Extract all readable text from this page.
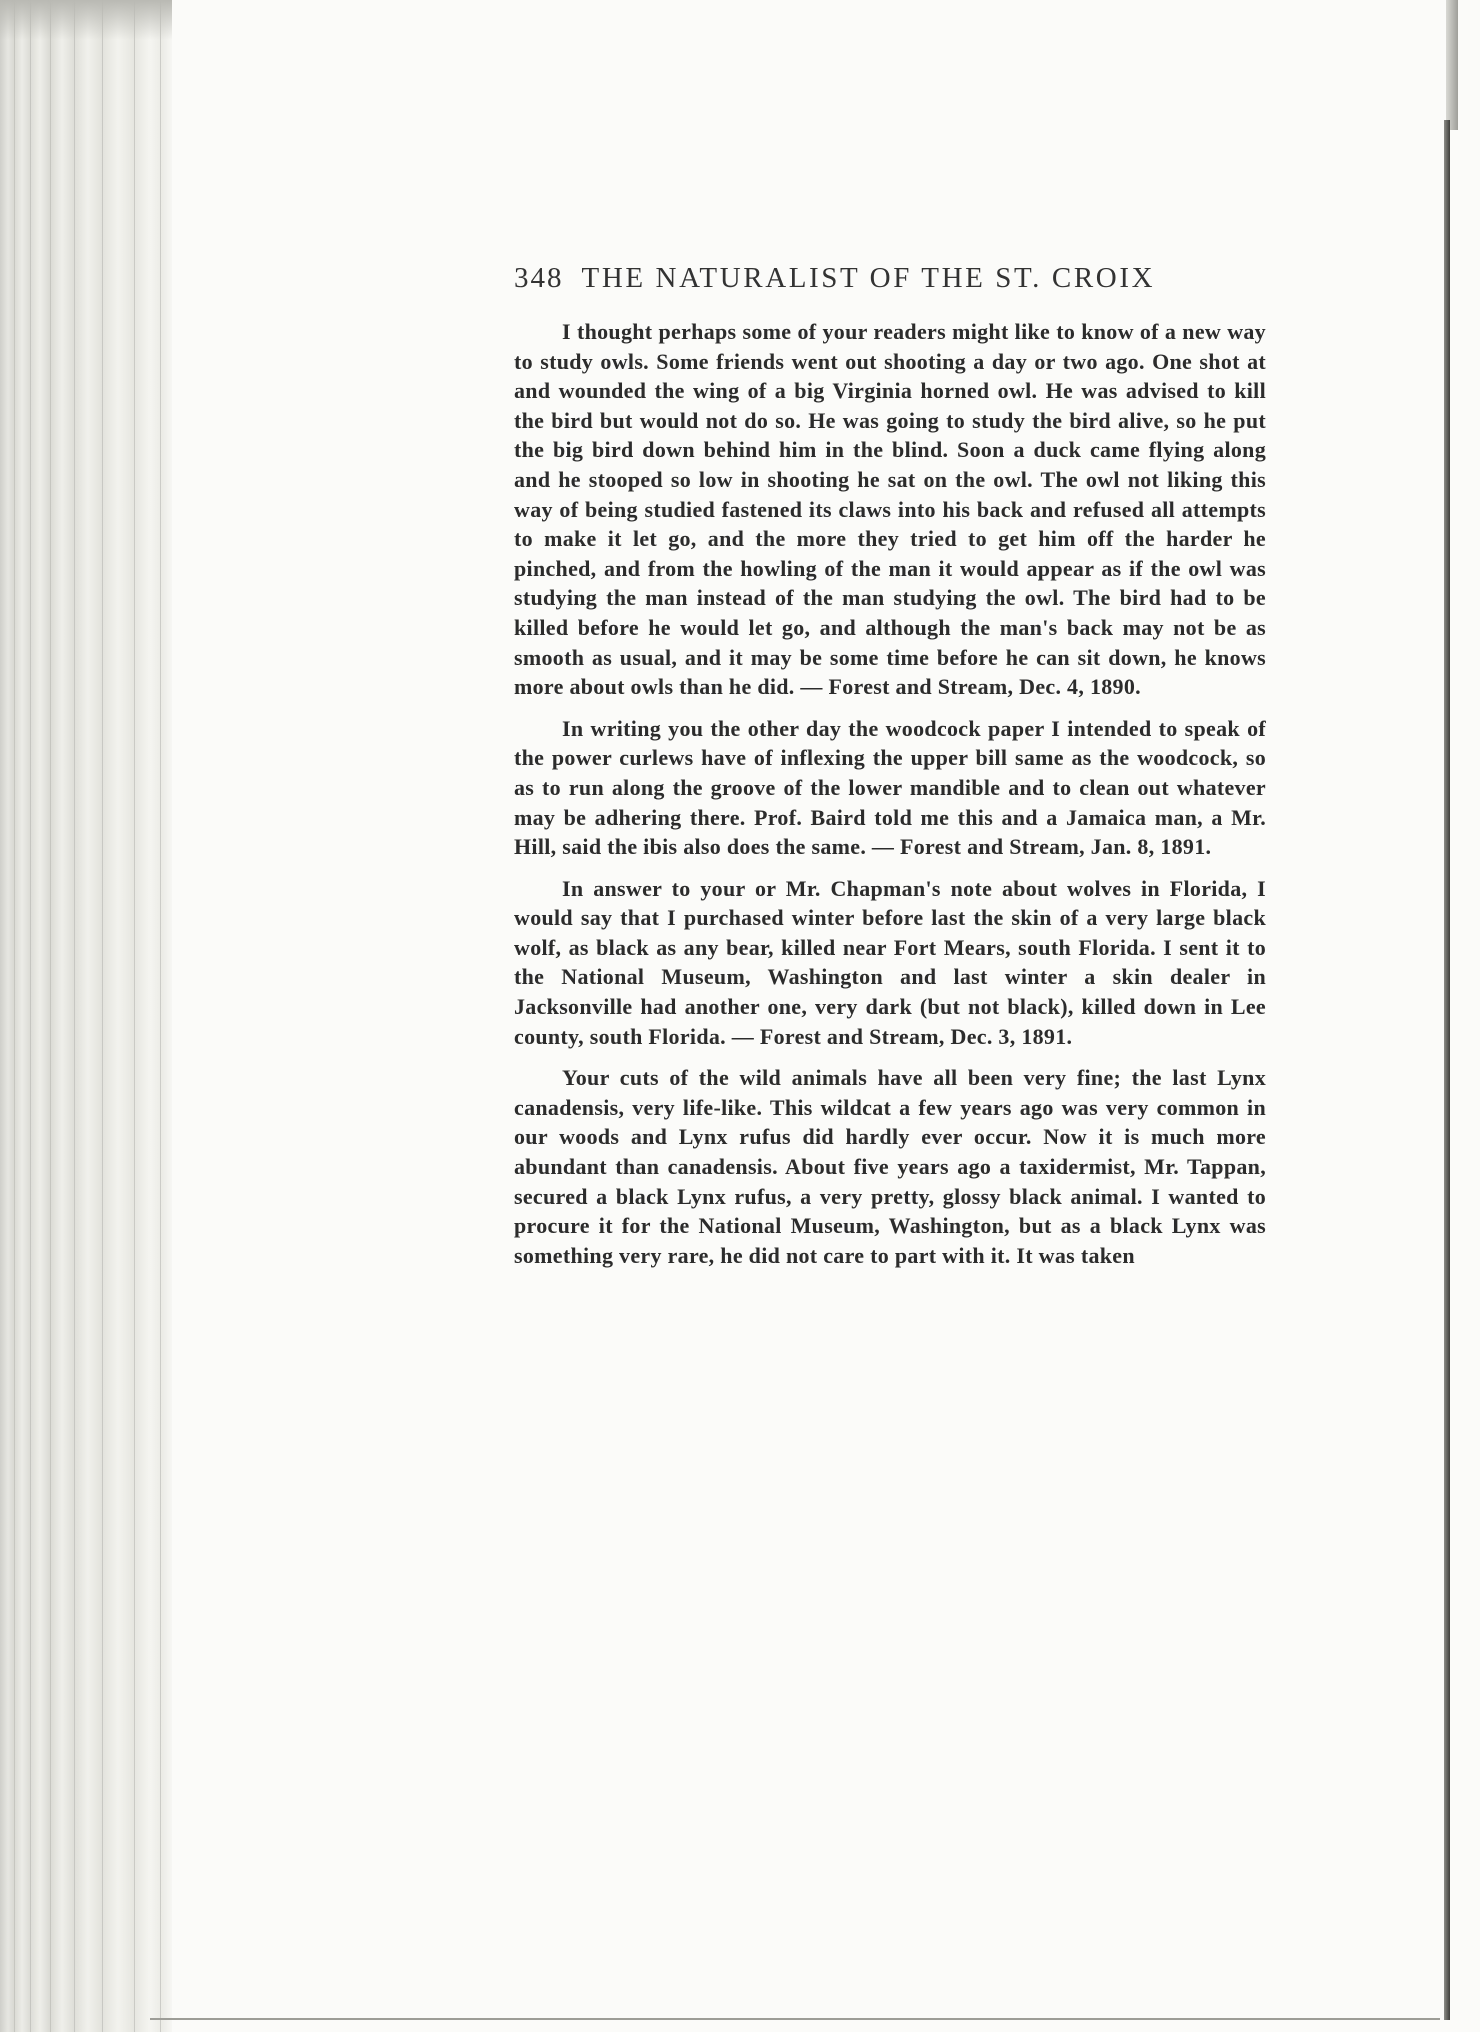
348 THE NATURALIST OF THE ST. CROIX

I thought perhaps some of your readers might like to know of a new way to study owls. Some friends went out shooting a day or two ago. One shot at and wounded the wing of a big Virginia horned owl. He was advised to kill the bird but would not do so. He was going to study the bird alive, so he put the big bird down behind him in the blind. Soon a duck came flying along and he stooped so low in shooting he sat on the owl. The owl not liking this way of being studied fastened its claws into his back and refused all attempts to make it let go, and the more they tried to get him off the harder he pinched, and from the howling of the man it would appear as if the owl was studying the man instead of the man studying the owl. The bird had to be killed before he would let go, and although the man's back may not be as smooth as usual, and it may be some time before he can sit down, he knows more about owls than he did. — Forest and Stream, Dec. 4, 1890.

In writing you the other day the woodcock paper I intended to speak of the power curlews have of inflexing the upper bill same as the woodcock, so as to run along the groove of the lower mandible and to clean out whatever may be adhering there. Prof. Baird told me this and a Jamaica man, a Mr. Hill, said the ibis also does the same. — Forest and Stream, Jan. 8, 1891.

In answer to your or Mr. Chapman's note about wolves in Florida, I would say that I purchased winter before last the skin of a very large black wolf, as black as any bear, killed near Fort Mears, south Florida. I sent it to the National Museum, Washington and last winter a skin dealer in Jacksonville had another one, very dark (but not black), killed down in Lee county, south Florida. — Forest and Stream, Dec. 3, 1891.

Your cuts of the wild animals have all been very fine; the last Lynx canadensis, very life-like. This wildcat a few years ago was very common in our woods and Lynx rufus did hardly ever occur. Now it is much more abundant than canadensis. About five years ago a taxidermist, Mr. Tappan, secured a black Lynx rufus, a very pretty, glossy black animal. I wanted to procure it for the National Museum, Washington, but as a black Lynx was something very rare, he did not care to part with it. It was taken
